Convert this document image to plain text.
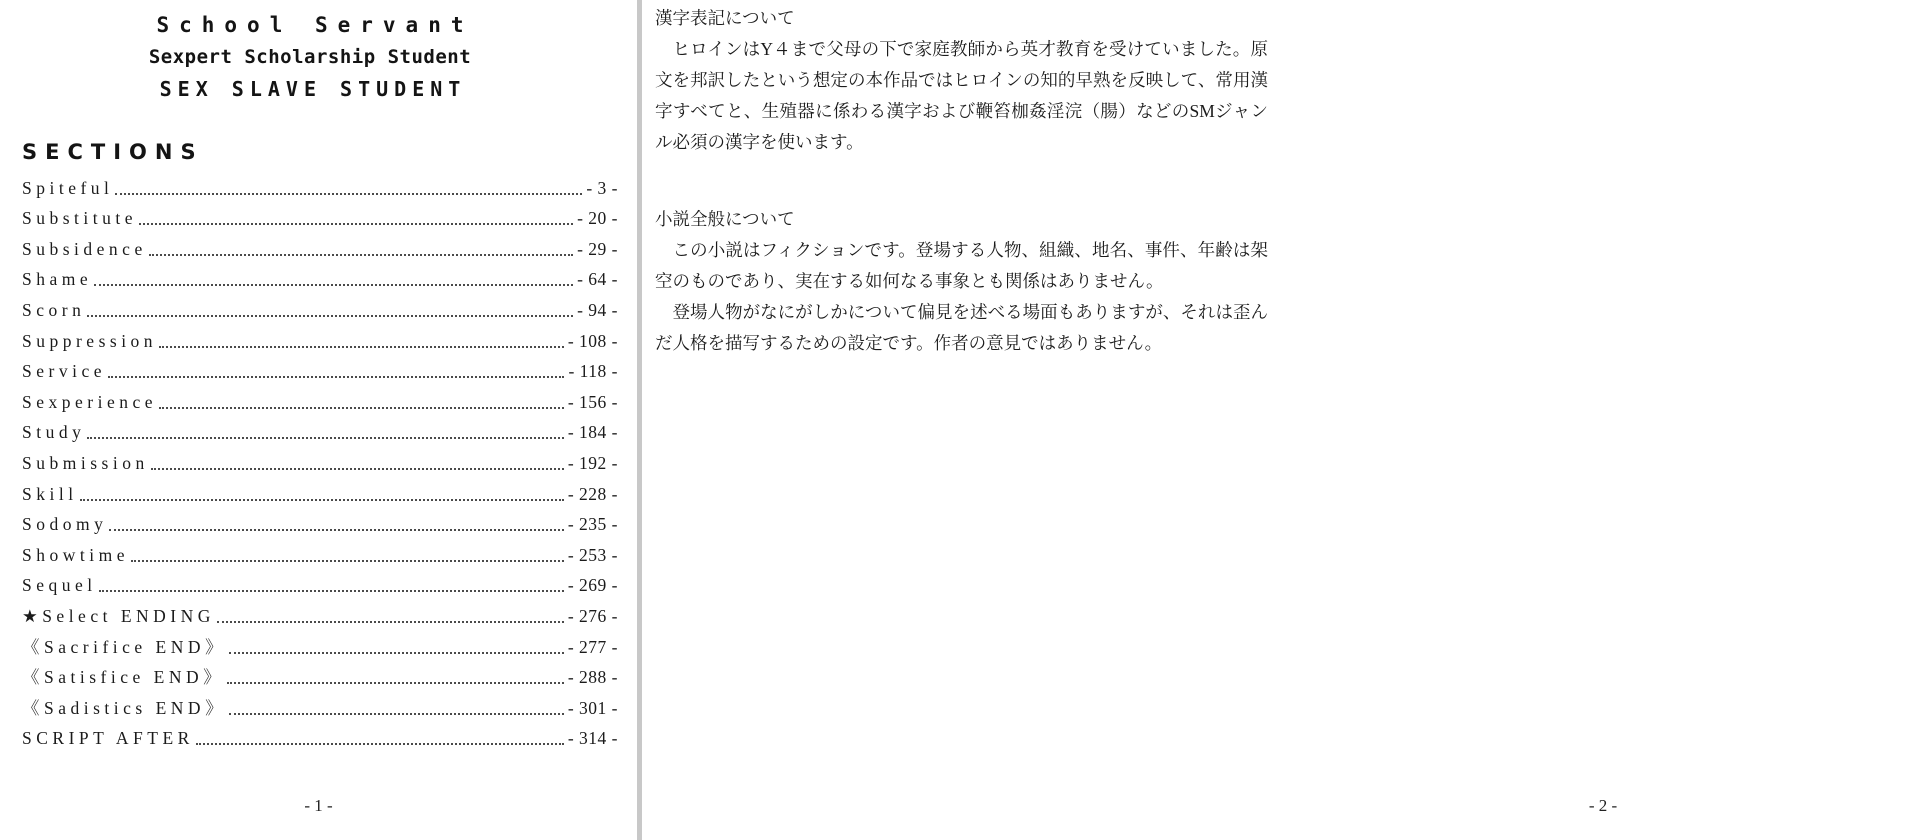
School Servant
Sexpert Scholarship Student
SEX SLAVE STUDENT
SECTIONS
Spiteful	- 3 -
Substitute	- 20 -
Subsidence	- 29 -
Shame	- 64 -
Scorn	- 94 -
Suppression	- 108 -
Service	- 118 -
Sexperience	- 156 -
Study	- 184 -
Submission	- 192 -
Skill	- 228 -
Sodomy	- 235 -
Showtime	- 253 -
Sequel	- 269 -
★Select ENDING	- 276 -
《Sacrifice END》	- 277 -
《Satisfice END》	- 288 -
《Sadistics END》	- 301 -
SCRIPT AFTER	- 314 -
- 1 -
漢字表記について
ヒロインはY４まで父母の下で家庭教師から英才教育を受けていました。原文を邦訳したという想定の本作品ではヒロインの知的早熟を反映して、常用漢字すべてと、生殖器に係わる漢字および鞭笞枷姦淫浣（腸）などのSMジャンル必須の漢字を使います。
小説全般について
この小説はフィクションです。登場する人物、組織、地名、事件、年齢は架空のものであり、実在する如何なる事象とも関係はありません。
登場人物がなにがしかについて偏見を述べる場面もありますが、それは歪んだ人格を描写するための設定です。作者の意見ではありません。
- 2 -
